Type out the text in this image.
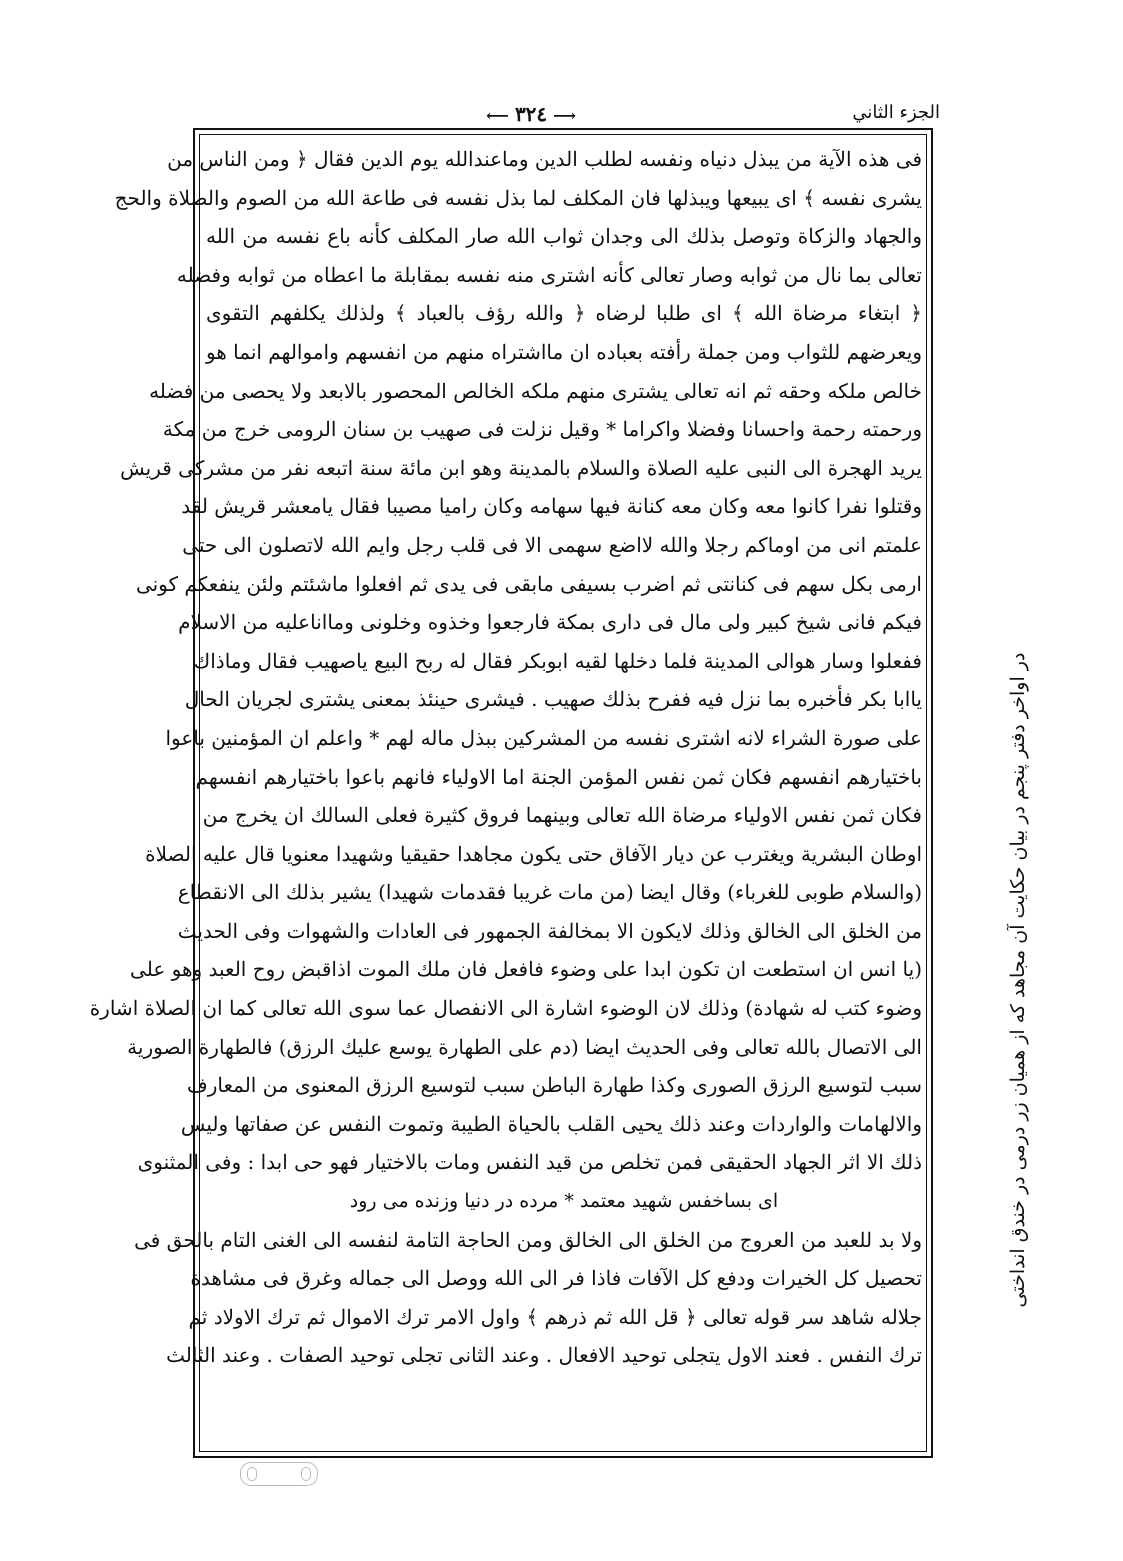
الجزء الثاني
⟶٣٢٤⟵
فى هذه الآية من يبذل دنياه ونفسه لطلب الدين وماعندالله يوم الدين فقال ﴿ ومن الناس من
يشرى نفسه ﴾ اى يبيعها ويبذلها فان المكلف لما بذل نفسه فى طاعة الله من الصوم والصلاة والحج
والجهاد والزكاة وتوصل بذلك الى وجدان ثواب الله صار المكلف كأنه باع نفسه من الله
تعالى بما نال من ثوابه وصار تعالى كأنه اشترى منه نفسه بمقابلة ما اعطاه من ثوابه وفضله
﴿ ابتغاء مرضاة الله ﴾ اى طلبا لرضاه ﴿ والله رؤف بالعباد ﴾ ولذلك يكلفهم التقوى
ويعرضهم للثواب ومن جملة رأفته بعباده ان مااشتراه منهم من انفسهم واموالهم انما هو
خالص ملكه وحقه ثم انه تعالى يشترى منهم ملكه الخالص المحصور بالابعد ولا يحصى من فضله
ورحمته رحمة واحسانا وفضلا واكراما * وقيل نزلت فى صهيب بن سنان الرومى خرج من مكة
يريد الهجرة الى النبى عليه الصلاة والسلام بالمدينة وهو ابن مائة سنة اتبعه نفر من مشركى قريش
وقتلوا نفرا كانوا معه وكان معه كنانة فيها سهامه وكان راميا مصيبا فقال يامعشر قريش لقد
علمتم انى من اوماكم رجلا والله لااضع سهمى الا فى قلب رجل وايم الله لاتصلون الى حتى
ارمى بكل سهم فى كنانتى ثم اضرب بسيفى مابقى فى يدى ثم افعلوا ماشئتم ولئن ينفعكم كونى
فيكم فانى شيخ كبير ولى مال فى دارى بمكة فارجعوا وخذوه وخلونى ومااناعليه من الاسلام
ففعلوا وسار هوالى المدينة فلما دخلها لقيه ابوبكر فقال له ربح البيع ياصهيب فقال وماذاك
ياابا بكر فأخبره بما نزل فيه ففرح بذلك صهيب . فيشرى حينئذ بمعنى يشترى لجريان الحال
على صورة الشراء لانه اشترى نفسه من المشركين ببذل ماله لهم * واعلم ان المؤمنين باعوا
باختيارهم انفسهم فكان ثمن نفس المؤمن الجنة اما الاولياء فانهم باعوا باختيارهم انفسهم
فكان ثمن نفس الاولياء مرضاة الله تعالى وبينهما فروق كثيرة فعلى السالك ان يخرج من
اوطان البشرية ويغترب عن ديار الآفاق حتى يكون مجاهدا حقيقيا وشهيدا معنويا قال عليه الصلاة
(والسلام طوبى للغرباء) وقال ايضا (من مات غريبا فقدمات شهيدا) يشير بذلك الى الانقطاع
من الخلق الى الخالق وذلك لايكون الا بمخالفة الجمهور فى العادات والشهوات وفى الحديث
(يا انس ان استطعت ان تكون ابدا على وضوء فافعل فان ملك الموت اذاقبض روح العبد وهو على
وضوء كتب له شهادة) وذلك لان الوضوء اشارة الى الانفصال عما سوى الله تعالى كما ان الصلاة اشارة
الى الاتصال بالله تعالى وفى الحديث ايضا (دم على الطهارة يوسع عليك الرزق) فالطهارة الصورية
سبب لتوسيع الرزق الصورى وكذا طهارة الباطن سبب لتوسيع الرزق المعنوى من المعارف
والالهامات والواردات وعند ذلك يحيى القلب بالحياة الطيبة وتموت النفس عن صفاتها وليس
ذلك الا اثر الجهاد الحقيقى فمن تخلص من قيد النفس ومات بالاختيار فهو حى ابدا : وفى المثنوى
اى بساخفس شهيد معتمد * مرده در دنيا وزنده مى رود
ولا بد للعبد من العروج من الخلق الى الخالق ومن الحاجة التامة لنفسه الى الغنى التام بالحق فى
تحصيل كل الخيرات ودفع كل الآفات فاذا فر الى الله ووصل الى جماله وغرق فى مشاهدة
جلاله شاهد سر قوله تعالى ﴿ قل الله ثم ذرهم ﴾ واول الامر ترك الاموال ثم ترك الاولاد ثم
ترك النفس . فعند الاول يتجلى توحيد الافعال . وعند الثانى تجلى توحيد الصفات . وعند الثالث
در اواخر دفتر پنجم در بيان حكايت آن مجاهد كه از همیان زر درمی در خندق انداختی
